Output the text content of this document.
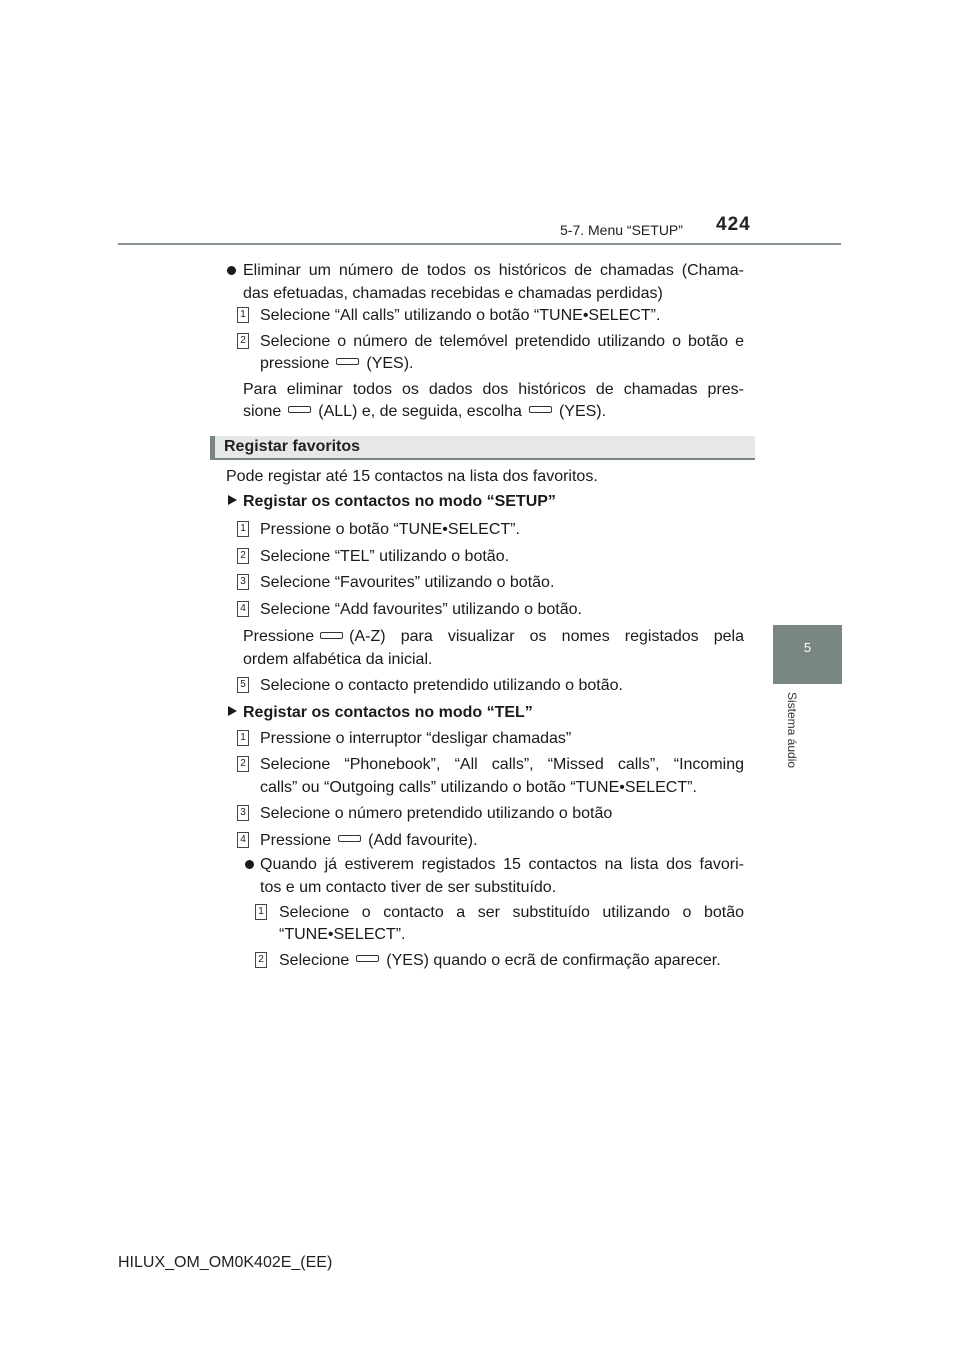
5-7. Menu “SETUP” 424
5
Sistema áudio
Eliminar um número de todos os históricos de chamadas (Chama-
das efetuadas, chamadas recebidas e chamadas perdidas)
1 Selecione “All calls” utilizando o botão “TUNE•SELECT”.
2 Selecione o número de telemóvel pretendido utilizando o botão e
pressione (YES).
Para eliminar todos os dados dos históricos de chamadas pres-
sione (ALL) e, de seguida, escolha (YES).
Registar favoritos
Pode registar até 15 contactos na lista dos favoritos.
Registar os contactos no modo “SETUP”
1 Pressione o botão “TUNE•SELECT”.
2 Selecione “TEL” utilizando o botão.
3 Selecione “Favourites” utilizando o botão.
4 Selecione “Add favourites” utilizando o botão.
Pressione (A-Z) para visualizar os nomes registados pela
ordem alfabética da inicial.
5 Selecione o contacto pretendido utilizando o botão.
Registar os contactos no modo “TEL”
1 Pressione o interruptor “desligar chamadas”
2 Selecione “Phonebook”, “All calls”, “Missed calls”, “Incoming
calls” ou “Outgoing calls” utilizando o botão “TUNE•SELECT”.
3 Selecione o número pretendido utilizando o botão
4 Pressione (Add favourite).
Quando já estiverem registados 15 contactos na lista dos favori-
tos e um contacto tiver de ser substituído.
1 Selecione o contacto a ser substituído utilizando o botão
“TUNE•SELECT”.
2 Selecione (YES) quando o ecrã de confirmação aparecer.
HILUX_OM_OM0K402E_(EE)
